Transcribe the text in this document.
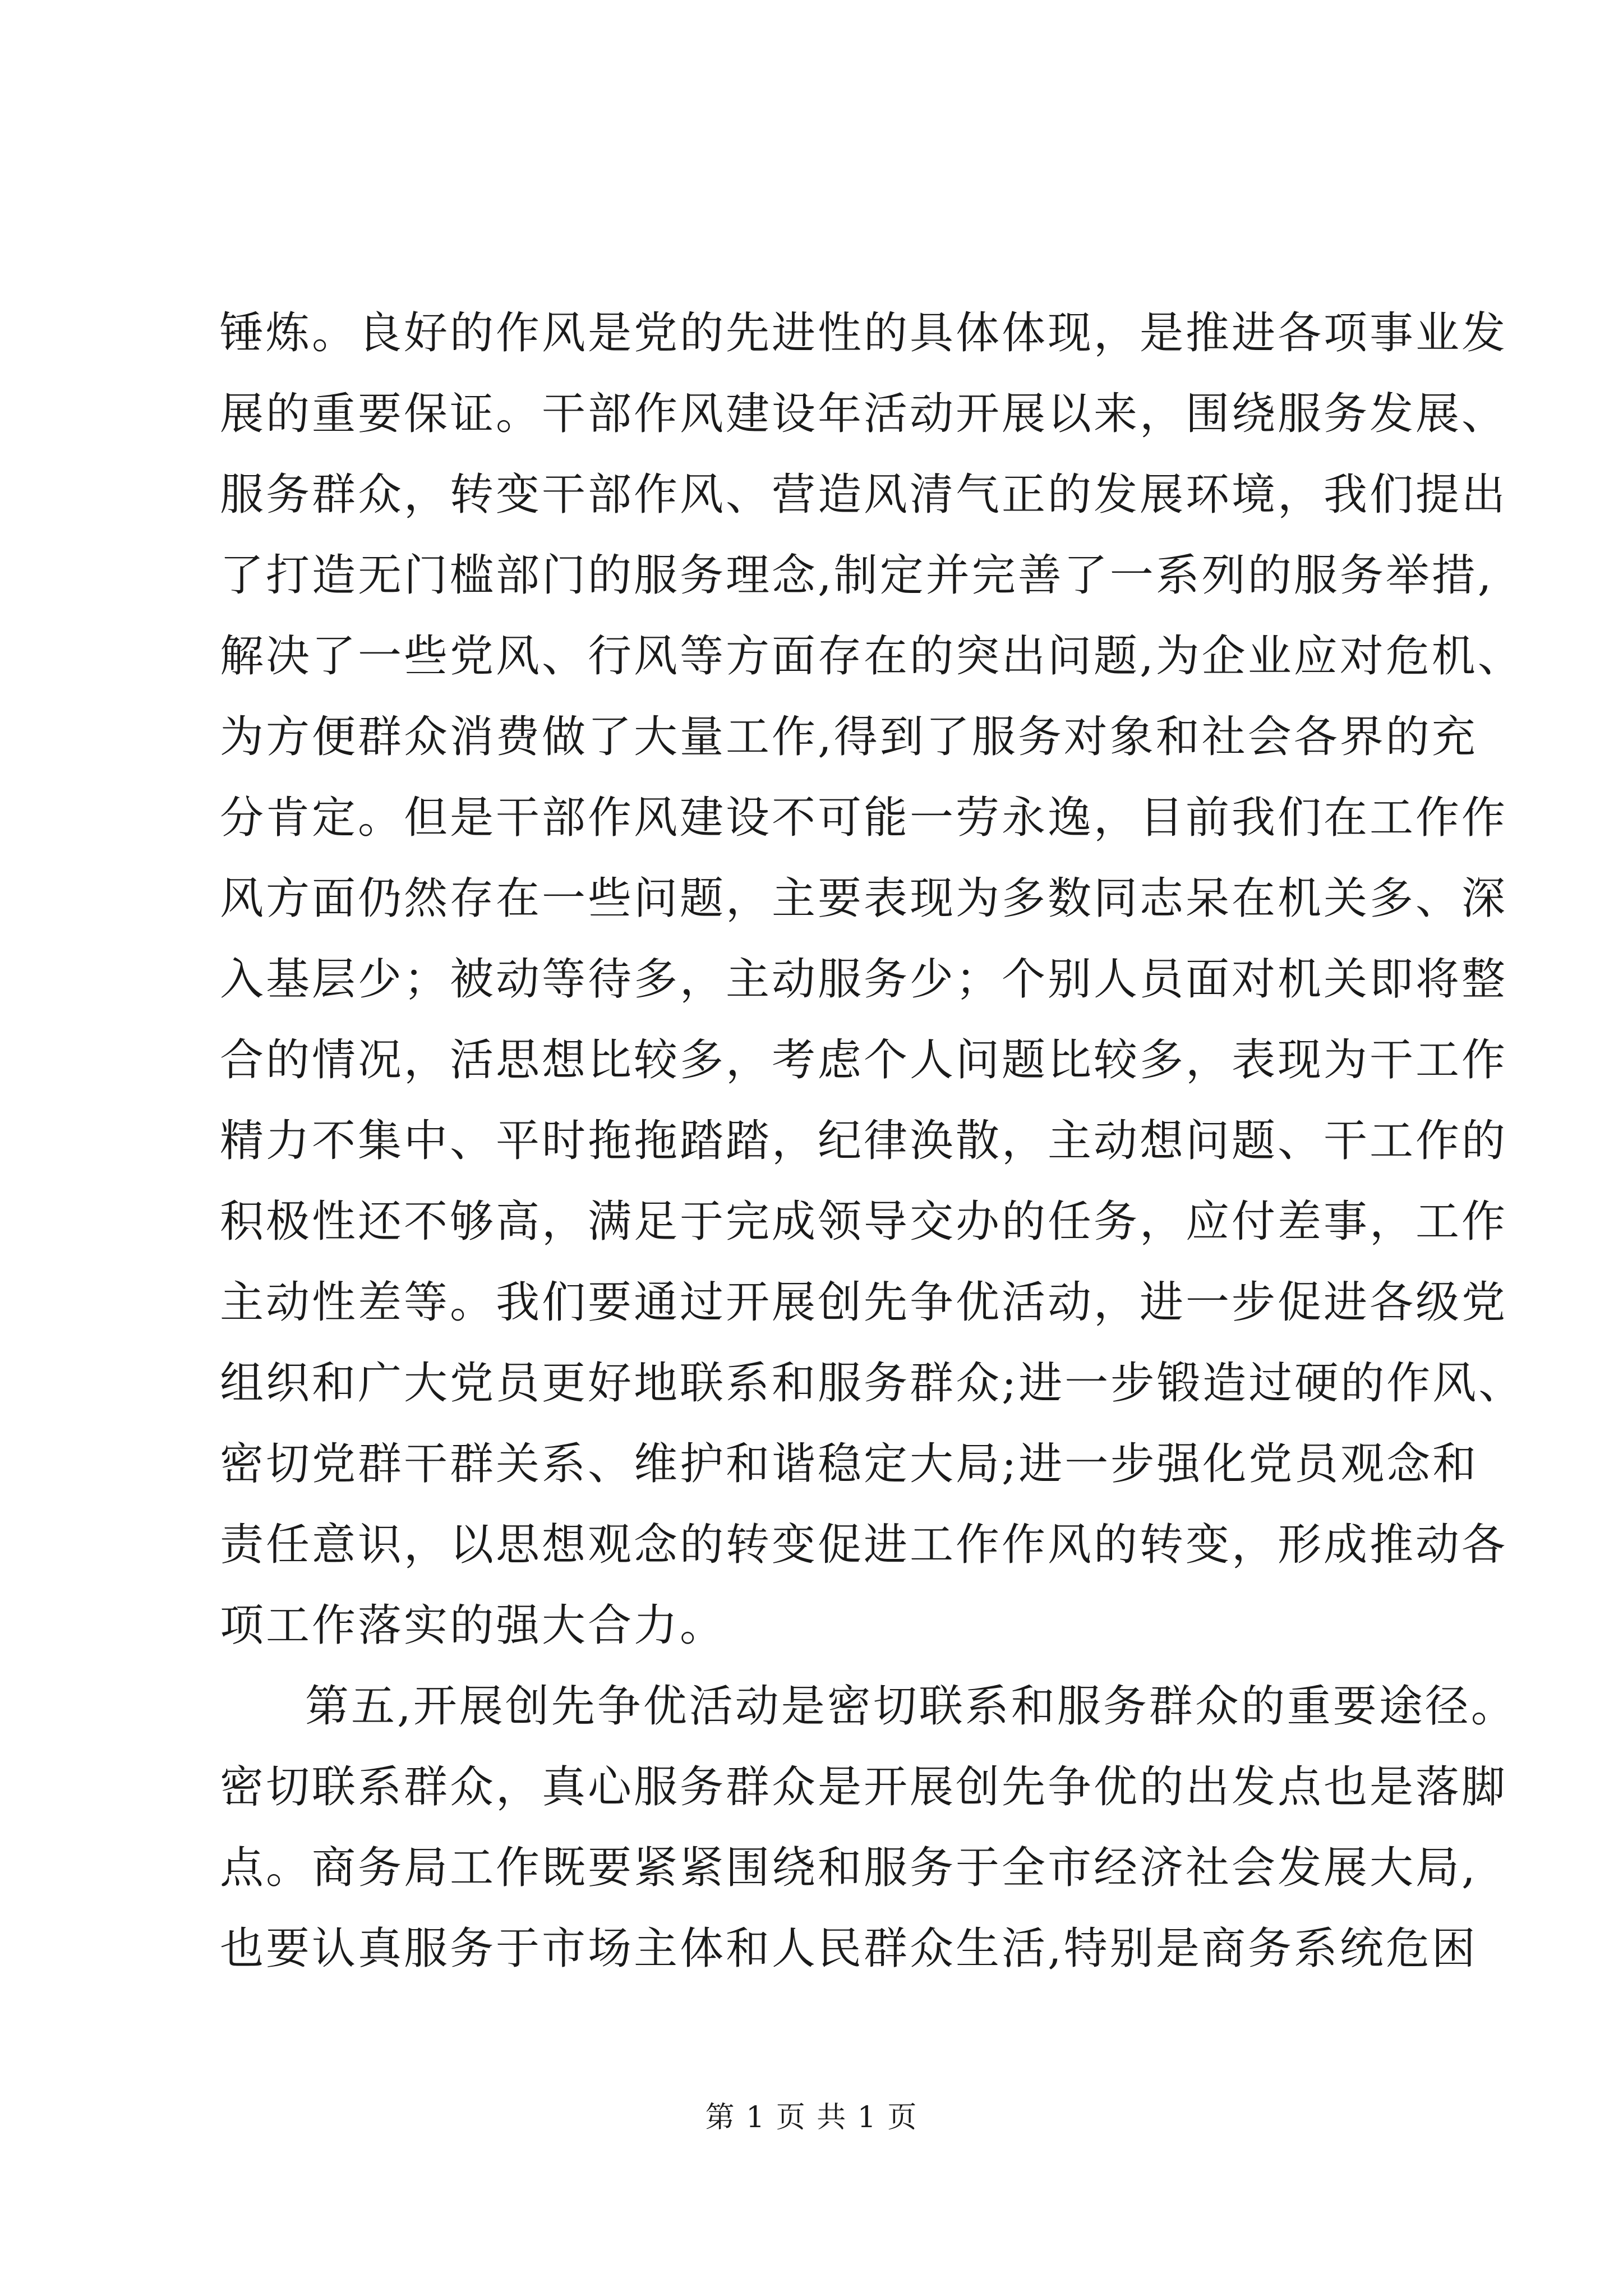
锤炼。良好的作风是党的先进性的具体体现，是推进各项事业发
展的重要保证。干部作风建设年活动开展以来，围绕服务发展、
服务群众，转变干部作风、营造风清气正的发展环境，我们提出
了打造无门槛部门的服务理念,制定并完善了一系列的服务举措,
解决了一些党风、行风等方面存在的突出问题,为企业应对危机、
为方便群众消费做了大量工作,得到了服务对象和社会各界的充
分肯定。但是干部作风建设不可能一劳永逸，目前我们在工作作
风方面仍然存在一些问题，主要表现为多数同志呆在机关多、深
入基层少；被动等待多，主动服务少；个别人员面对机关即将整
合的情况，活思想比较多，考虑个人问题比较多，表现为干工作
精力不集中、平时拖拖踏踏，纪律涣散，主动想问题、干工作的
积极性还不够高，满足于完成领导交办的任务，应付差事，工作
主动性差等。我们要通过开展创先争优活动，进一步促进各级党
组织和广大党员更好地联系和服务群众;进一步锻造过硬的作风、
密切党群干群关系、维护和谐稳定大局;进一步强化党员观念和
责任意识，以思想观念的转变促进工作作风的转变，形成推动各
项工作落实的强大合力。
第五,开展创先争优活动是密切联系和服务群众的重要途径。
密切联系群众，真心服务群众是开展创先争优的出发点也是落脚
点。商务局工作既要紧紧围绕和服务于全市经济社会发展大局,
也要认真服务于市场主体和人民群众生活,特别是商务系统危困
第 1 页 共 1 页
